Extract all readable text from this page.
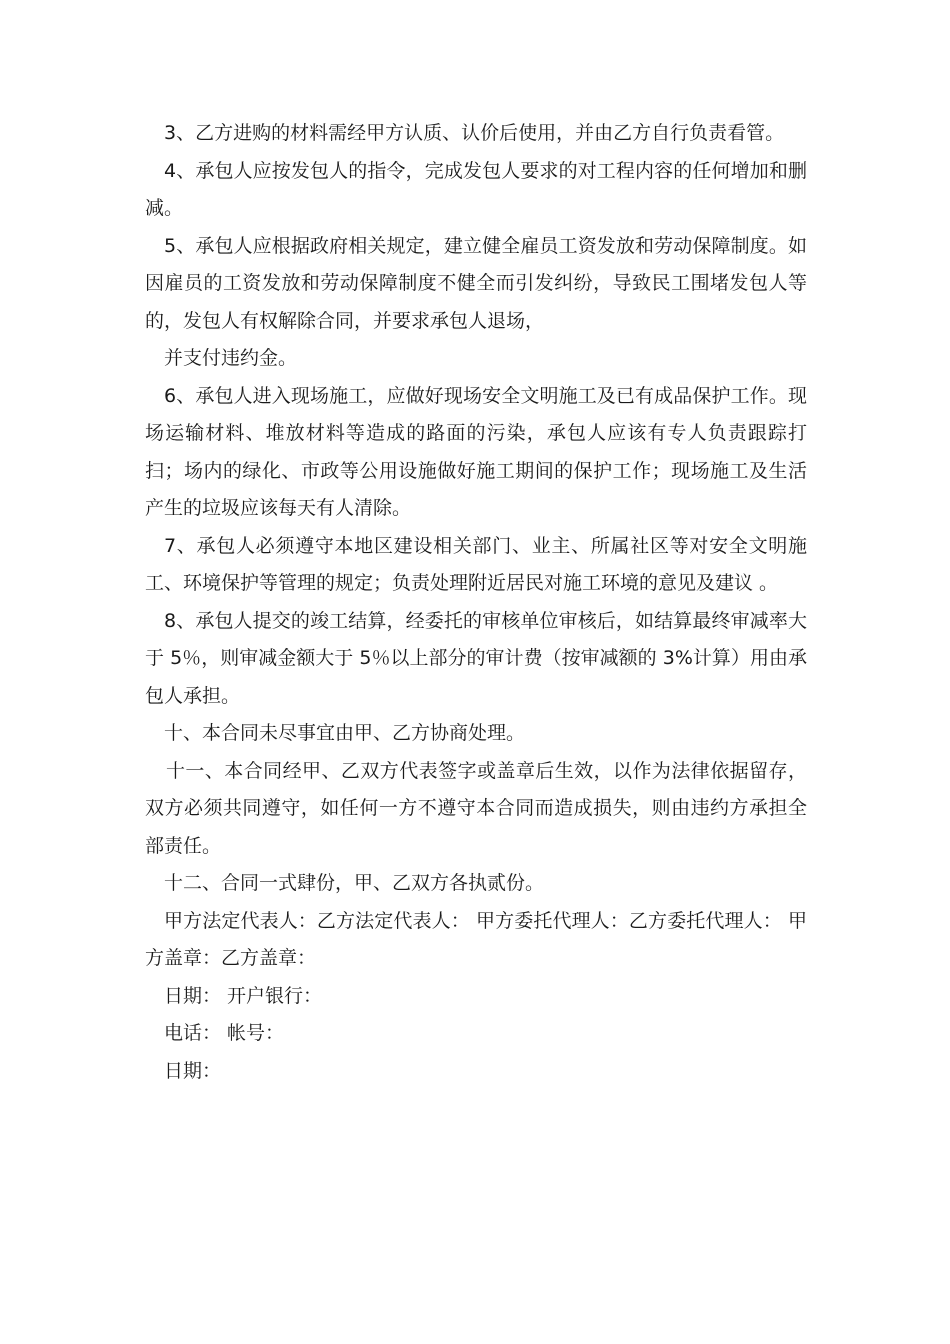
3、乙方进购的材料需经甲方认质、认价后使用，并由乙方自行负责看管。

4、承包人应按发包人的指令，完成发包人要求的对工程内容的任何增加和删减。

5、承包人应根据政府相关规定，建立健全雇员工资发放和劳动保障制度。如因雇员的工资发放和劳动保障制度不健全而引发纠纷，导致民工围堵发包人等的，发包人有权解除合同，并要求承包人退场，

并支付违约金。

6、承包人进入现场施工，应做好现场安全文明施工及已有成品保护工作。现场运输材料、堆放材料等造成的路面的污染，承包人应该有专人负责跟踪打扫；场内的绿化、市政等公用设施做好施工期间的保护工作；现场施工及生活产生的垃圾应该每天有人清除。

7、承包人必须遵守本地区建设相关部门、业主、所属社区等对安全文明施工、环境保护等管理的规定；负责处理附近居民对施工环境的意见及建议 。

8、承包人提交的竣工结算，经委托的审核单位审核后，如结算最终审减率大于 5％，则审减金额大于 5％以上部分的审计费（按审减额的 3%计算）用由承包人承担。

十、本合同未尽事宜由甲、乙方协商处理。

十一、本合同经甲、乙双方代表签字或盖章后生效，以作为法律依据留存，双方必须共同遵守，如任何一方不遵守本合同而造成损失，则由违约方承担全部责任。

十二、合同一式肆份，甲、乙双方各执贰份。

甲方法定代表人：乙方法定代表人： 甲方委托代理人：乙方委托代理人： 甲方盖章：乙方盖章：

日期： 开户银行：

电话： 帐号：

日期：
